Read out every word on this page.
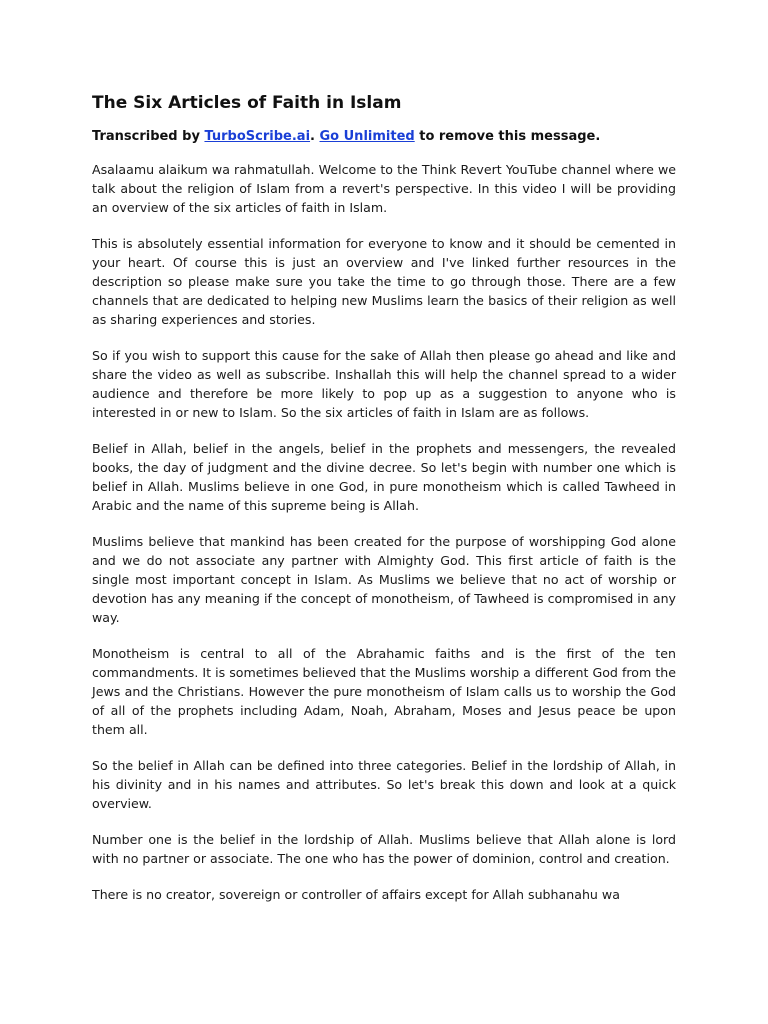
The Six Articles of Faith in Islam

Transcribed by TurboScribe.ai. Go Unlimited to remove this message.

Asalaamu alaikum wa rahmatullah. Welcome to the Think Revert YouTube channel where we talk about the religion of Islam from a revert's perspective. In this video I will be providing an overview of the six articles of faith in Islam.

This is absolutely essential information for everyone to know and it should be cemented in your heart. Of course this is just an overview and I've linked further resources in the description so please make sure you take the time to go through those. There are a few channels that are dedicated to helping new Muslims learn the basics of their religion as well as sharing experiences and stories.

So if you wish to support this cause for the sake of Allah then please go ahead and like and share the video as well as subscribe. Inshallah this will help the channel spread to a wider audience and therefore be more likely to pop up as a suggestion to anyone who is interested in or new to Islam. So the six articles of faith in Islam are as follows.

Belief in Allah, belief in the angels, belief in the prophets and messengers, the revealed books, the day of judgment and the divine decree. So let's begin with number one which is belief in Allah. Muslims believe in one God, in pure monotheism which is called Tawheed in Arabic and the name of this supreme being is Allah.

Muslims believe that mankind has been created for the purpose of worshipping God alone and we do not associate any partner with Almighty God. This first article of faith is the single most important concept in Islam. As Muslims we believe that no act of worship or devotion has any meaning if the concept of monotheism, of Tawheed is compromised in any way.

Monotheism is central to all of the Abrahamic faiths and is the first of the ten commandments. It is sometimes believed that the Muslims worship a different God from the Jews and the Christians. However the pure monotheism of Islam calls us to worship the God of all of the prophets including Adam, Noah, Abraham, Moses and Jesus peace be upon them all.

So the belief in Allah can be defined into three categories. Belief in the lordship of Allah, in his divinity and in his names and attributes. So let's break this down and look at a quick overview.

Number one is the belief in the lordship of Allah. Muslims believe that Allah alone is lord with no partner or associate. The one who has the power of dominion, control and creation.

There is no creator, sovereign or controller of affairs except for Allah subhanahu wa
